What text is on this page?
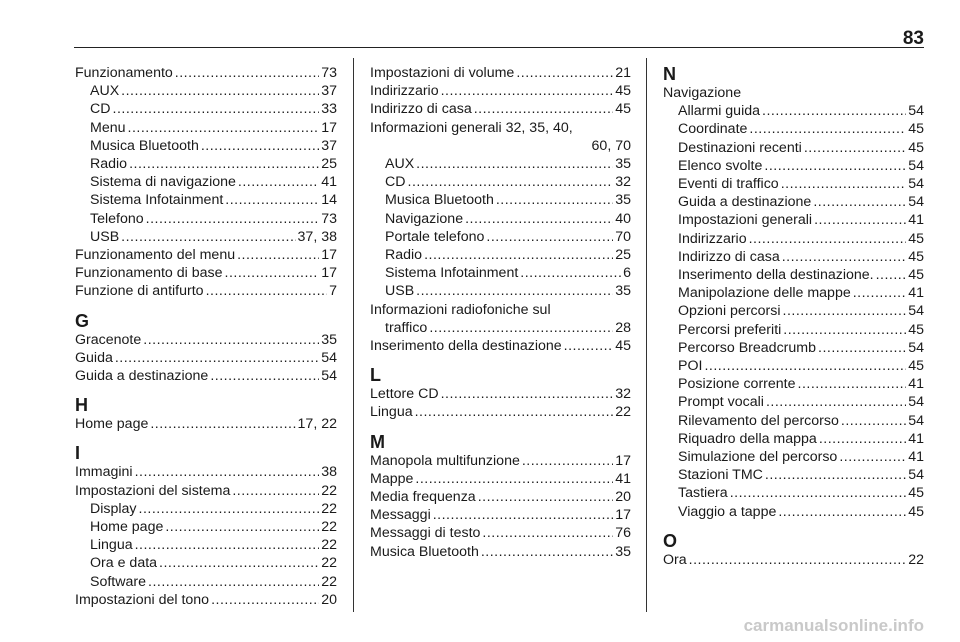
83
Funzionamento .....	73
AUX .....	37
CD .....	33
Menu .....	17
Musica Bluetooth .....	37
Radio .....	25
Sistema di navigazione .....	41
Sistema Infotainment .....	14
Telefono .....	73
USB .....	37, 38
Funzionamento del menu .....	17
Funzionamento di base .....	17
Funzione di antifurto .....	7
G
Gracenote .....	35
Guida .....	54
Guida a destinazione .....	54
H
Home page .....	17, 22
I
Immagini .....	38
Impostazioni del sistema .....	22
Display .....	22
Home page .....	22
Lingua .....	22
Ora e data .....	22
Software .....	22
Impostazioni del tono .....	20
Impostazioni di volume .....	21
Indirizzario .....	45
Indirizzo di casa .....	45
Informazioni generali 32, 35, 40,
60, 70
AUX .....	35
CD .....	32
Musica Bluetooth .....	35
Navigazione .....	40
Portale telefono .....	70
Radio .....	25
Sistema Infotainment .....	6
USB .....	35
Informazioni radiofoniche sul
traffico .....	28
Inserimento della destinazione .....	45
L
Lettore CD .....	32
Lingua .....	22
M
Manopola multifunzione .....	17
Mappe .....	41
Media frequenza .....	20
Messaggi .....	17
Messaggi di testo .....	76
Musica Bluetooth .....	35
N
Navigazione
Allarmi guida .....	54
Coordinate .....	45
Destinazioni recenti .....	45
Elenco svolte .....	54
Eventi di traffico .....	54
Guida a destinazione .....	54
Impostazioni generali .....	41
Indirizzario .....	45
Indirizzo di casa .....	45
Inserimento della destinazione. ..... 45
Manipolazione delle mappe .....	41
Opzioni percorsi .....	54
Percorsi preferiti .....	45
Percorso Breadcrumb .....	54
POI .....	45
Posizione corrente .....	41
Prompt vocali .....	54
Rilevamento del percorso .....	54
Riquadro della mappa .....	41
Simulazione del percorso .....	41
Stazioni TMC .....	54
Tastiera .....	45
Viaggio a tappe .....	45
O
Ora .....	22
carmanualsonline.info
